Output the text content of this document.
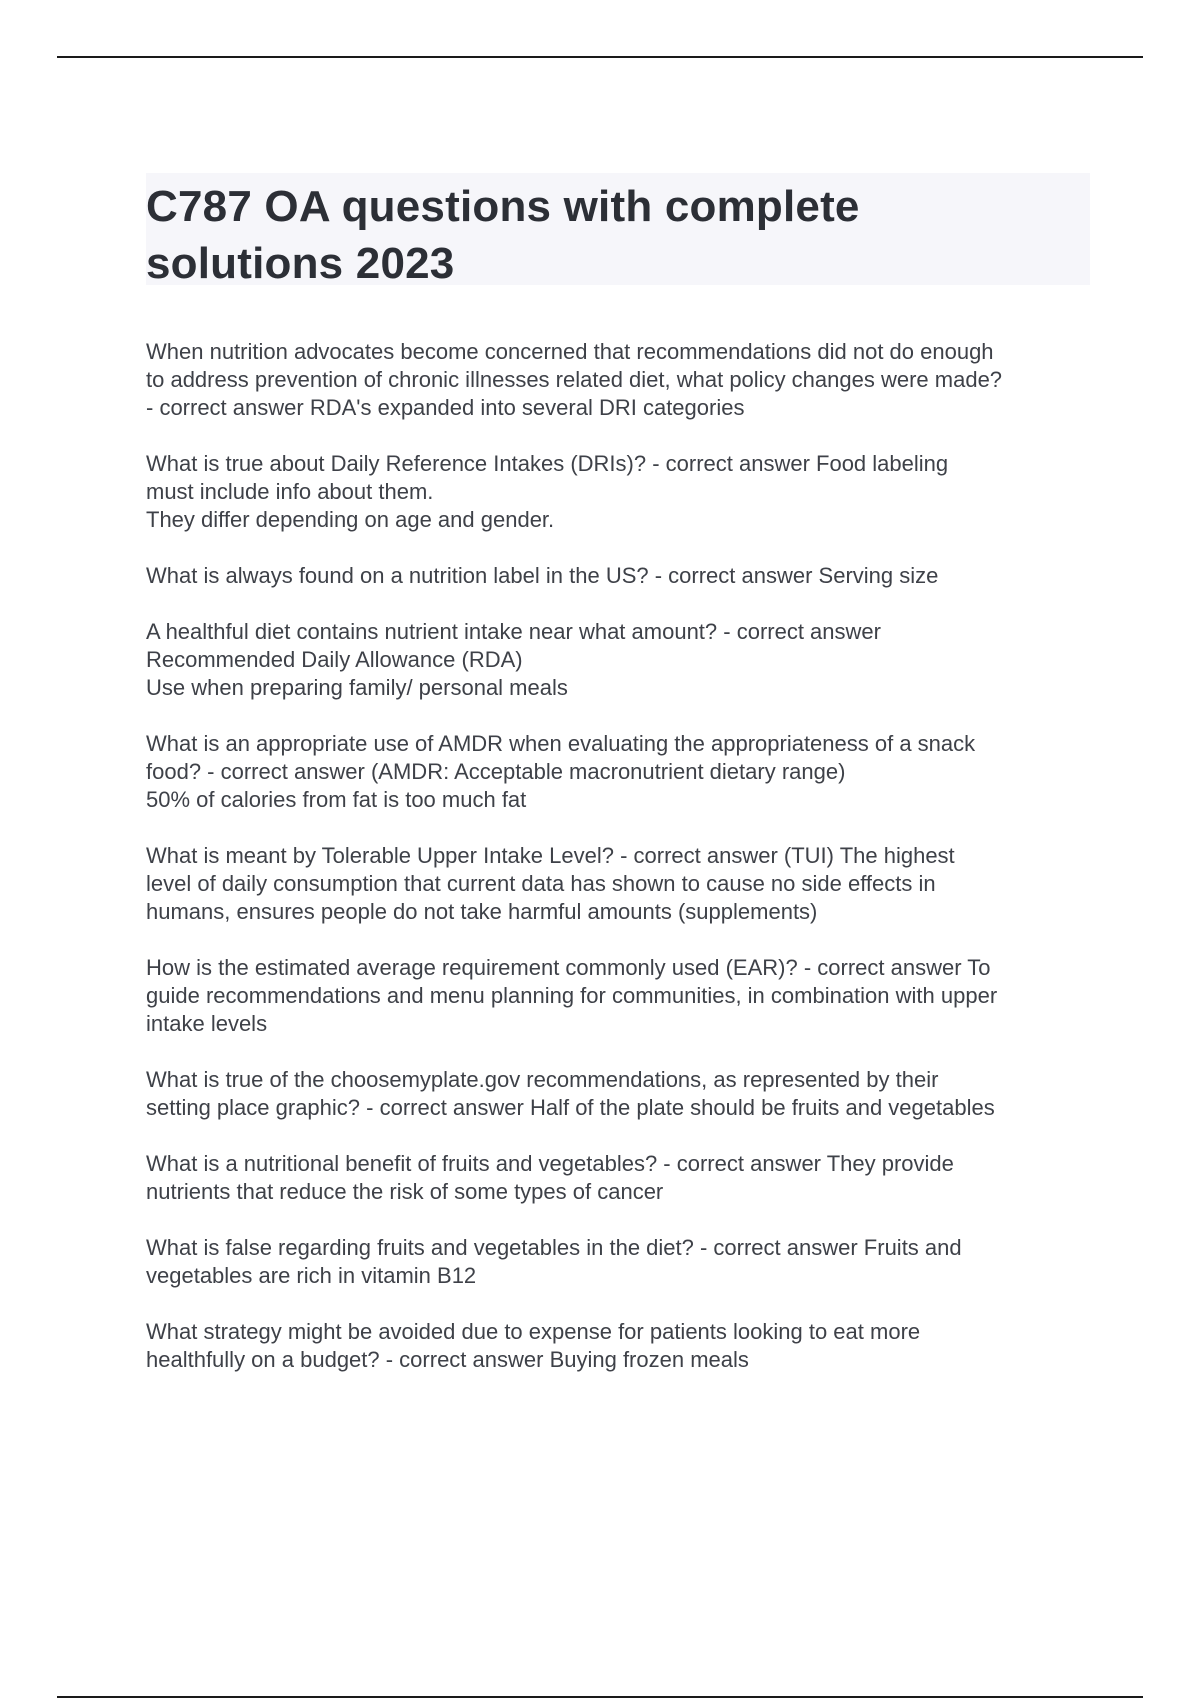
C787 OA questions with complete
solutions 2023
When nutrition advocates become concerned that recommendations did not do enough
to address prevention of chronic illnesses related diet, what policy changes were made?
- correct answer RDA's expanded into several DRI categories
What is true about Daily Reference Intakes (DRIs)? - correct answer Food labeling
must include info about them.
They differ depending on age and gender.
What is always found on a nutrition label in the US? - correct answer Serving size
A healthful diet contains nutrient intake near what amount? - correct answer
Recommended Daily Allowance (RDA)
Use when preparing family/ personal meals
What is an appropriate use of AMDR when evaluating the appropriateness of a snack
food? - correct answer (AMDR: Acceptable macronutrient dietary range)
50% of calories from fat is too much fat
What is meant by Tolerable Upper Intake Level? - correct answer (TUI) The highest
level of daily consumption that current data has shown to cause no side effects in
humans, ensures people do not take harmful amounts (supplements)
How is the estimated average requirement commonly used (EAR)? - correct answer To
guide recommendations and menu planning for communities, in combination with upper
intake levels
What is true of the choosemyplate.gov recommendations, as represented by their
setting place graphic? - correct answer Half of the plate should be fruits and vegetables
What is a nutritional benefit of fruits and vegetables? - correct answer They provide
nutrients that reduce the risk of some types of cancer
What is false regarding fruits and vegetables in the diet? - correct answer Fruits and
vegetables are rich in vitamin B12
What strategy might be avoided due to expense for patients looking to eat more
healthfully on a budget? - correct answer Buying frozen meals
